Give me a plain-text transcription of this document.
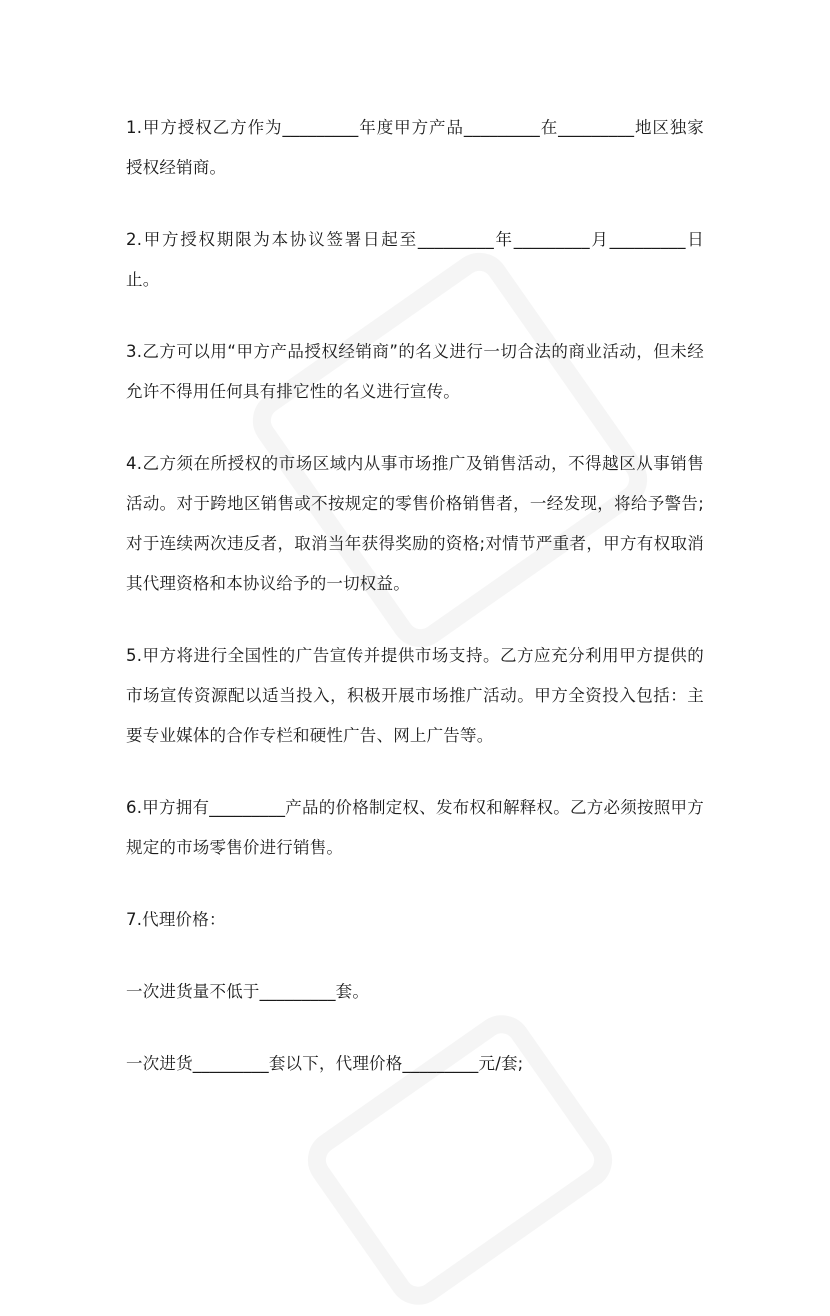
1.甲方授权乙方作为_________年度甲方产品_________在_________地区独家授权经销商。

2.甲方授权期限为本协议签署日起至_________年_________月_________日止。

3.乙方可以用“甲方产品授权经销商”的名义进行一切合法的商业活动，但未经允许不得用任何具有排它性的名义进行宣传。

4.乙方须在所授权的市场区域内从事市场推广及销售活动，不得越区从事销售活动。对于跨地区销售或不按规定的零售价格销售者，一经发现，将给予警告;对于连续两次违反者，取消当年获得奖励的资格;对情节严重者，甲方有权取消其代理资格和本协议给予的一切权益。

5.甲方将进行全国性的广告宣传并提供市场支持。乙方应充分利用甲方提供的市场宣传资源配以适当投入，积极开展市场推广活动。甲方全资投入包括：主要专业媒体的合作专栏和硬性广告、网上广告等。

6.甲方拥有_________产品的价格制定权、发布权和解释权。乙方必须按照甲方规定的市场零售价进行销售。

7.代理价格：

一次进货量不低于_________套。

一次进货_________套以下，代理价格_________元/套;
